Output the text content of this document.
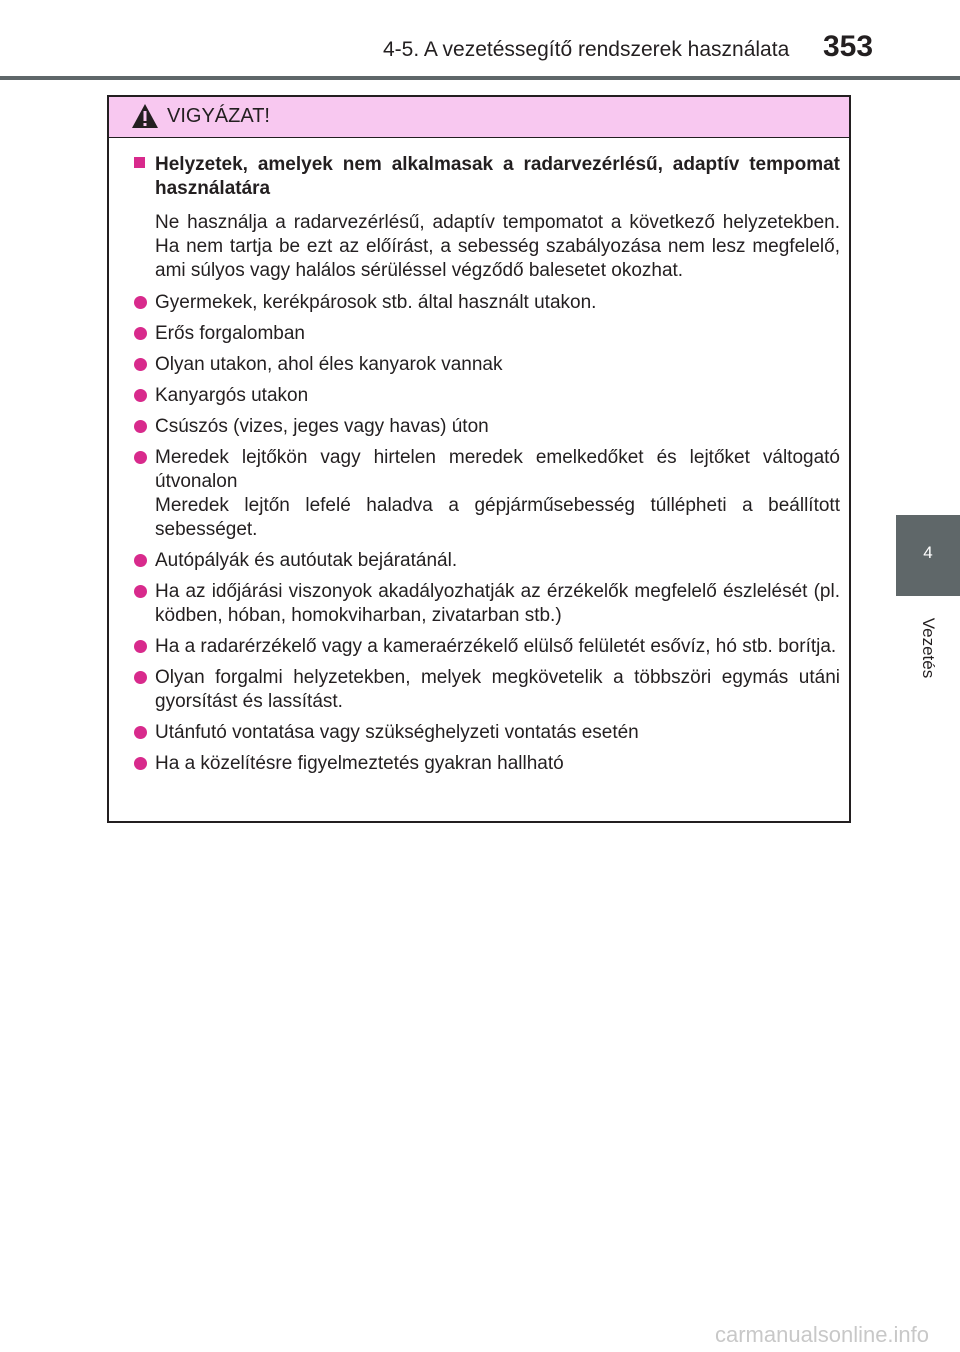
4-5. A vezetéssegítő rendszerek használata 353
4
Vezetés
VIGYÁZAT!
Helyzetek, amelyek nem alkalmasak a radarvezérlésű, adaptív tempomat használatára
Ne használja a radarvezérlésű, adaptív tempomatot a következő helyzetekben. Ha nem tartja be ezt az előírást, a sebesség szabályozása nem lesz megfelelő, ami súlyos vagy halálos sérüléssel végződő balesetet okozhat.
Gyermekek, kerékpárosok stb. által használt utakon.
Erős forgalomban
Olyan utakon, ahol éles kanyarok vannak
Kanyargós utakon
Csúszós (vizes, jeges vagy havas) úton
Meredek lejtőkön vagy hirtelen meredek emelkedőket és lejtőket váltogató útvonalon
Meredek lejtőn lefelé haladva a gépjárműsebesség túllépheti a beállított sebességet.
Autópályák és autóutak bejáratánál.
Ha az időjárási viszonyok akadályozhatják az érzékelők megfelelő észlelését (pl. ködben, hóban, homokviharban, zivatarban stb.)
Ha a radarérzékelő vagy a kameraérzékelő elülső felületét esővíz, hó stb. borítja.
Olyan forgalmi helyzetekben, melyek megkövetelik a többszöri egymás utáni gyorsítást és lassítást.
Utánfutó vontatása vagy szükséghelyzeti vontatás esetén
Ha a közelítésre figyelmeztetés gyakran hallható
carmanualsonline.info
